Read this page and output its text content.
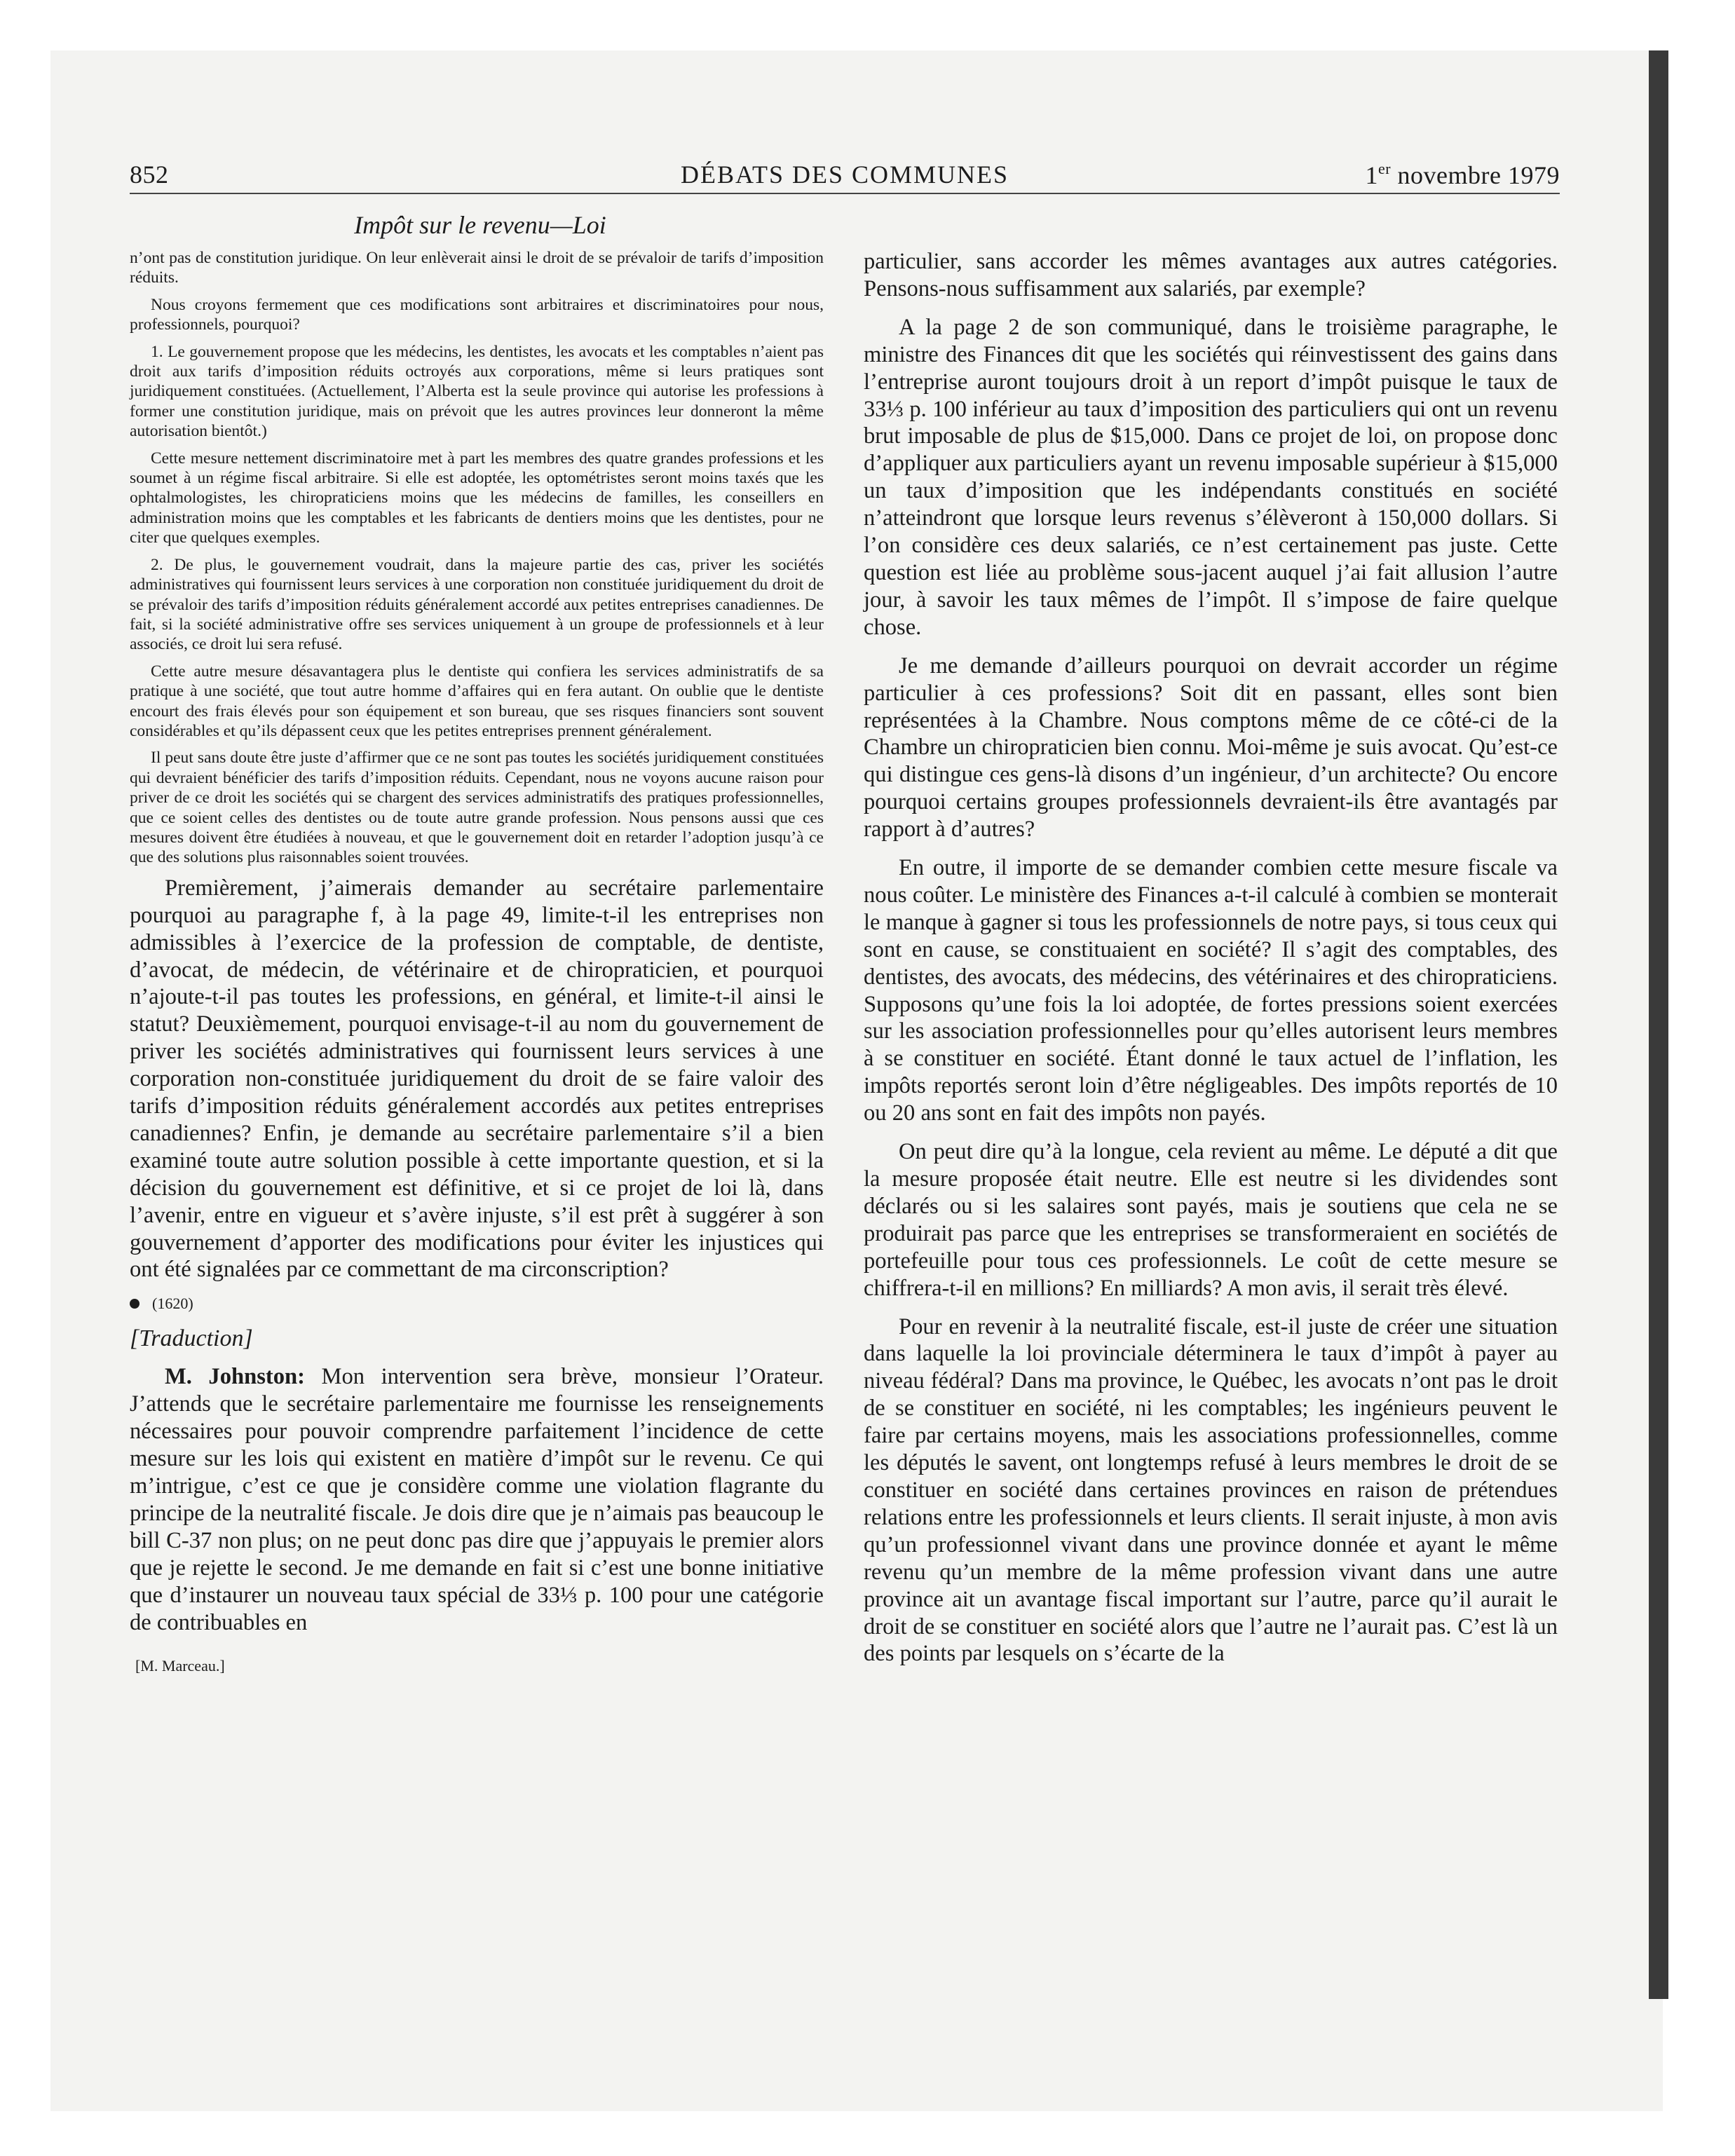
852	DÉBATS DES COMMUNES	1er novembre 1979
Impôt sur le revenu—Loi

n’ont pas de constitution juridique. On leur enlèverait ainsi le droit de se prévaloir de tarifs d’imposition réduits.

Nous croyons fermement que ces modifications sont arbitraires et discriminatoires pour nous, professionnels, pourquoi?

1. Le gouvernement propose que les médecins, les dentistes, les avocats et les comptables n’aient pas droit aux tarifs d’imposition réduits octroyés aux corporations, même si leurs pratiques sont juridiquement constituées. (Actuellement, l’Alberta est la seule province qui autorise les professions à former une constitution juridique, mais on prévoit que les autres provinces leur donneront la même autorisation bientôt.)

Cette mesure nettement discriminatoire met à part les membres des quatre grandes professions et les soumet à un régime fiscal arbitraire. Si elle est adoptée, les optométristes seront moins taxés que les ophtalmologistes, les chiropraticiens moins que les médecins de familles, les conseillers en administration moins que les comptables et les fabricants de dentiers moins que les dentistes, pour ne citer que quelques exemples.

2. De plus, le gouvernement voudrait, dans la majeure partie des cas, priver les sociétés administratives qui fournissent leurs services à une corporation non constituée juridiquement du droit de se prévaloir des tarifs d’imposition réduits généralement accordé aux petites entreprises canadiennes. De fait, si la société administrative offre ses services uniquement à un groupe de professionnels et à leur associés, ce droit lui sera refusé.

Cette autre mesure désavantagera plus le dentiste qui confiera les services administratifs de sa pratique à une société, que tout autre homme d’affaires qui en fera autant. On oublie que le dentiste encourt des frais élevés pour son équipement et son bureau, que ses risques financiers sont souvent considérables et qu’ils dépassent ceux que les petites entreprises prennent généralement.

Il peut sans doute être juste d’affirmer que ce ne sont pas toutes les sociétés juridiquement constituées qui devraient bénéficier des tarifs d’imposition réduits. Cependant, nous ne voyons aucune raison pour priver de ce droit les sociétés qui se chargent des services administratifs des pratiques professionnelles, que ce soient celles des dentistes ou de toute autre grande profession. Nous pensons aussi que ces mesures doivent être étudiées à nouveau, et que le gouvernement doit en retarder l’adoption jusqu’à ce que des solutions plus raisonnables soient trouvées.

Premièrement, j’aimerais demander au secrétaire parlementaire pourquoi au paragraphe f, à la page 49, limite-t-il les entreprises non admissibles à l’exercice de la profession de comptable, de dentiste, d’avocat, de médecin, de vétérinaire et de chiropraticien, et pourquoi n’ajoute-t-il pas toutes les professions, en général, et limite-t-il ainsi le statut? Deuxièmement, pourquoi envisage-t-il au nom du gouvernement de priver les sociétés administratives qui fournissent leurs services à une corporation non-constituée juridiquement du droit de se faire valoir des tarifs d’imposition réduits généralement accordés aux petites entreprises canadiennes? Enfin, je demande au secrétaire parlementaire s’il a bien examiné toute autre solution possible à cette importante question, et si la décision du gouvernement est définitive, et si ce projet de loi là, dans l’avenir, entre en vigueur et s’avère injuste, s’il est prêt à suggérer à son gouvernement d’apporter des modifications pour éviter les injustices qui ont été signalées par ce commettant de ma circonscription?

(1620)
[Traduction]

M. Johnston: Mon intervention sera brève, monsieur l’Orateur. J’attends que le secrétaire parlementaire me fournisse les renseignements nécessaires pour pouvoir comprendre parfaitement l’incidence de cette mesure sur les lois qui existent en matière d’impôt sur le revenu. Ce qui m’intrigue, c’est ce que je considère comme une violation flagrante du principe de la neutralité fiscale. Je dois dire que je n’aimais pas beaucoup le bill C-37 non plus; on ne peut donc pas dire que j’appuyais le premier alors que je rejette le second. Je me demande en fait si c’est une bonne initiative que d’instaurer un nouveau taux spécial de 33⅓ p. 100 pour une catégorie de contribuables en

[M. Marceau.]

particulier, sans accorder les mêmes avantages aux autres catégories. Pensons-nous suffisamment aux salariés, par exemple?

A la page 2 de son communiqué, dans le troisième paragraphe, le ministre des Finances dit que les sociétés qui réinvestissent des gains dans l’entreprise auront toujours droit à un report d’impôt puisque le taux de 33⅓ p. 100 inférieur au taux d’imposition des particuliers qui ont un revenu brut imposable de plus de $15,000. Dans ce projet de loi, on propose donc d’appliquer aux particuliers ayant un revenu imposable supérieur à $15,000 un taux d’imposition que les indépendants constitués en société n’atteindront que lorsque leurs revenus s’élèveront à 150,000 dollars. Si l’on considère ces deux salariés, ce n’est certainement pas juste. Cette question est liée au problème sous-jacent auquel j’ai fait allusion l’autre jour, à savoir les taux mêmes de l’impôt. Il s’impose de faire quelque chose.

Je me demande d’ailleurs pourquoi on devrait accorder un régime particulier à ces professions? Soit dit en passant, elles sont bien représentées à la Chambre. Nous comptons même de ce côté-ci de la Chambre un chiropraticien bien connu. Moi-même je suis avocat. Qu’est-ce qui distingue ces gens-là disons d’un ingénieur, d’un architecte? Ou encore pourquoi certains groupes professionnels devraient-ils être avantagés par rapport à d’autres?

En outre, il importe de se demander combien cette mesure fiscale va nous coûter. Le ministère des Finances a-t-il calculé à combien se monterait le manque à gagner si tous les professionnels de notre pays, si tous ceux qui sont en cause, se constituaient en société? Il s’agit des comptables, des dentistes, des avocats, des médecins, des vétérinaires et des chiropraticiens. Supposons qu’une fois la loi adoptée, de fortes pressions soient exercées sur les association professionnelles pour qu’elles autorisent leurs membres à se constituer en société. Étant donné le taux actuel de l’inflation, les impôts reportés seront loin d’être négligeables. Des impôts reportés de 10 ou 20 ans sont en fait des impôts non payés.

On peut dire qu’à la longue, cela revient au même. Le député a dit que la mesure proposée était neutre. Elle est neutre si les dividendes sont déclarés ou si les salaires sont payés, mais je soutiens que cela ne se produirait pas parce que les entreprises se transformeraient en sociétés de portefeuille pour tous ces professionnels. Le coût de cette mesure se chiffrera-t-il en millions? En milliards? A mon avis, il serait très élevé.

Pour en revenir à la neutralité fiscale, est-il juste de créer une situation dans laquelle la loi provinciale déterminera le taux d’impôt à payer au niveau fédéral? Dans ma province, le Québec, les avocats n’ont pas le droit de se constituer en société, ni les comptables; les ingénieurs peuvent le faire par certains moyens, mais les associations professionnelles, comme les députés le savent, ont longtemps refusé à leurs membres le droit de se constituer en société dans certaines provinces en raison de prétendues relations entre les professionnels et leurs clients. Il serait injuste, à mon avis qu’un professionnel vivant dans une province donnée et ayant le même revenu qu’un membre de la même profession vivant dans une autre province ait un avantage fiscal important sur l’autre, parce qu’il aurait le droit de se constituer en société alors que l’autre ne l’aurait pas. C’est là un des points par lesquels on s’écarte de la
